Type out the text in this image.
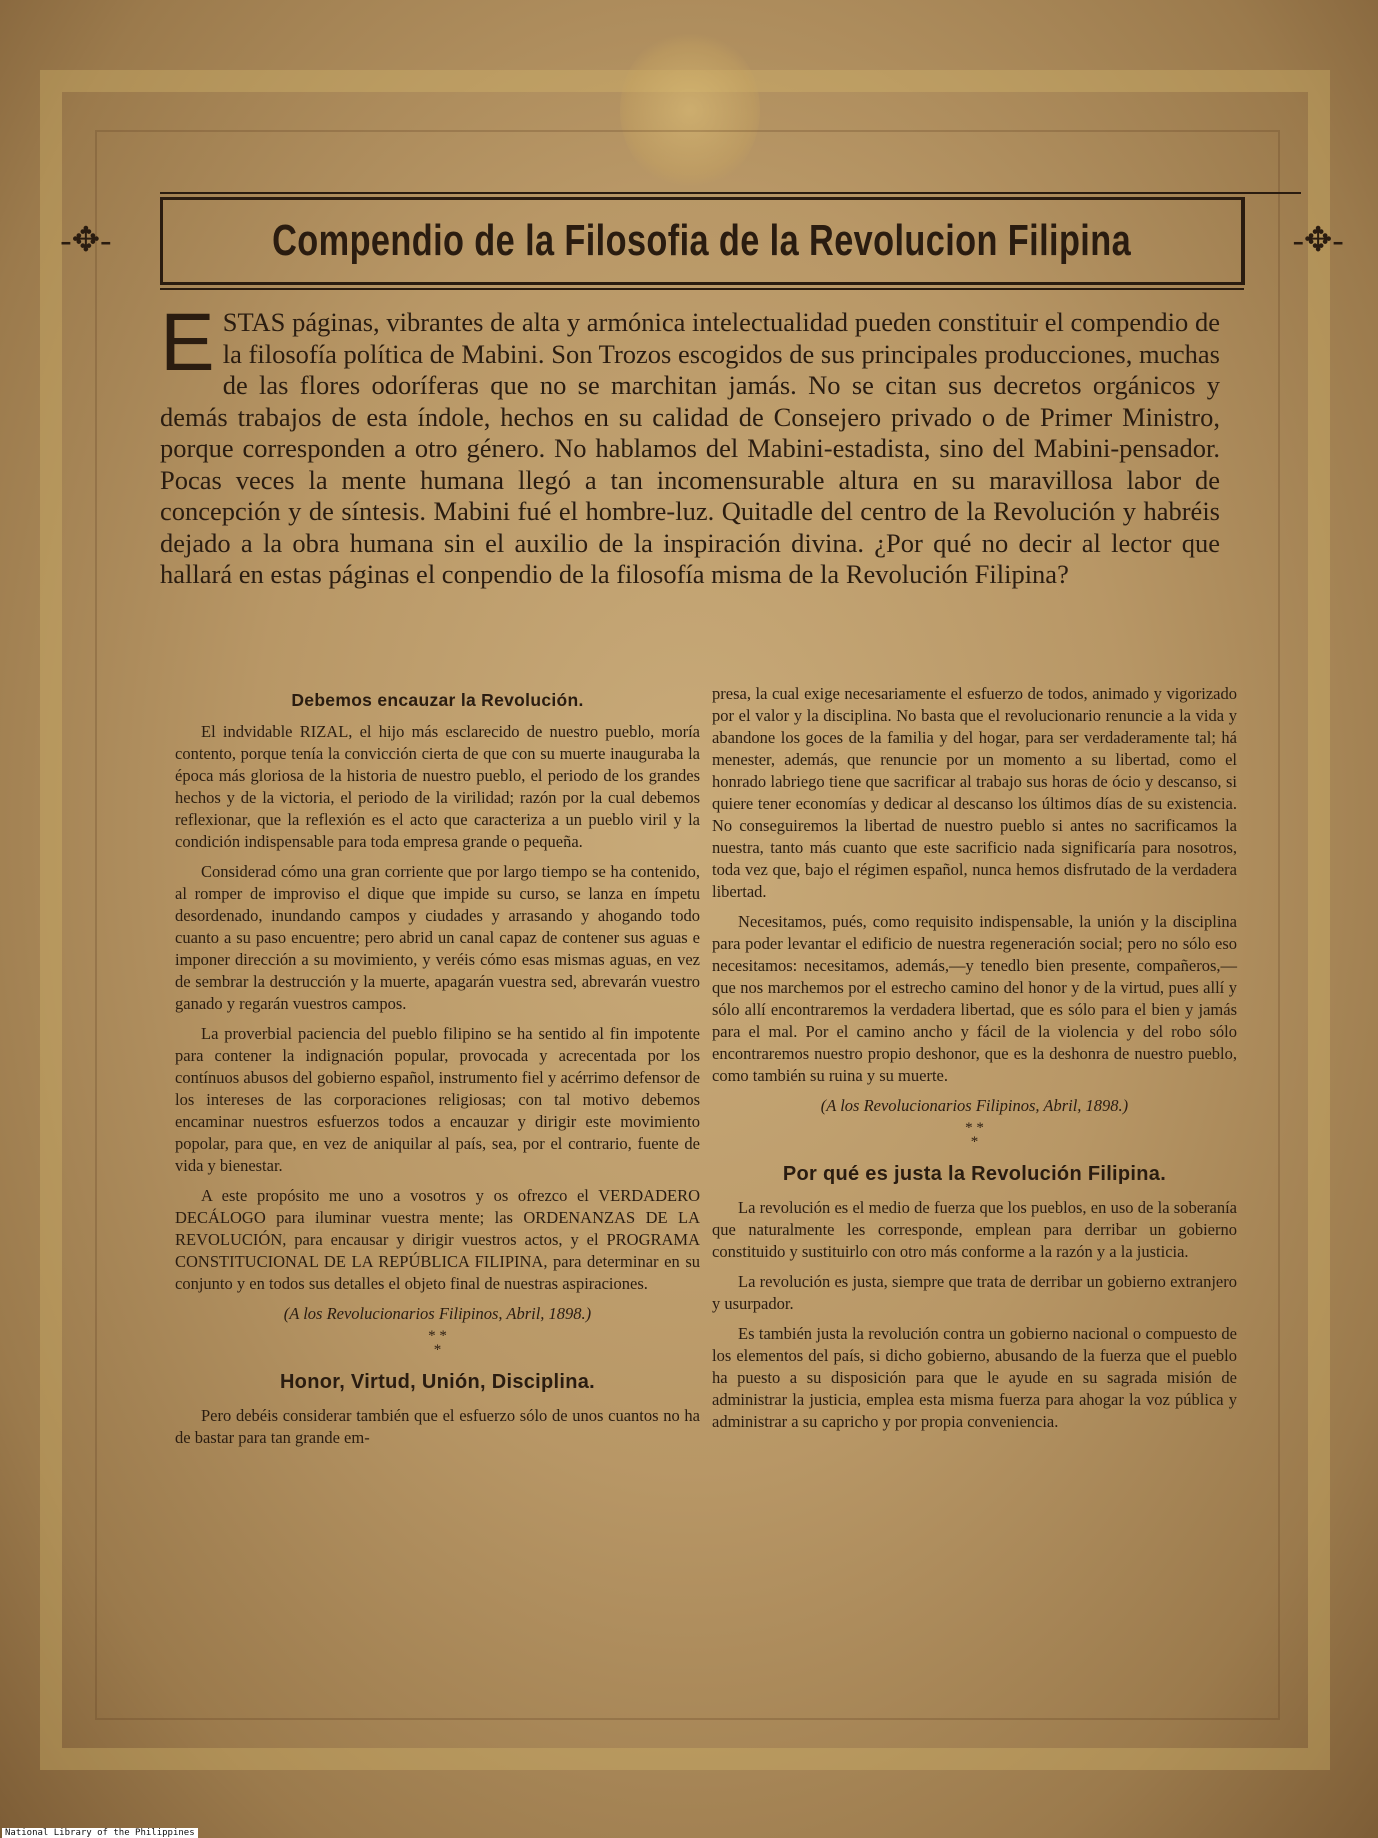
-✥-	Compendio de la Filosofia de la Revolucion Filipina	-✥-
ESTAS páginas, vibrantes de alta y armónica intelectualidad pueden constituir el compendio de la filosofía política de Mabini. Son Trozos escogidos de sus principales producciones, muchas de las flores odoríferas que no se marchitan jamás. No se citan sus decretos orgánicos y demás trabajos de esta índole, hechos en su calidad de Consejero privado o de Primer Ministro, porque corresponden a otro género. No hablamos del Mabini-estadista, sino del Mabini-pensador. Pocas veces la mente humana llegó a tan incomensurable altura en su maravillosa labor de concepción y de síntesis. Mabini fué el hombre-luz. Quitadle del centro de la Revolución y habréis dejado a la obra humana sin el auxilio de la inspiración divina. ¿Por qué no decir al lector que hallará en estas páginas el conpendio de la filosofía misma de la Revolución Filipina?
Debemos encauzar la Revolución.

El indvidable RIZAL, el hijo más esclarecido de nuestro pueblo, moría contento, porque tenía la convicción cierta de que con su muerte inauguraba la época más gloriosa de la historia de nuestro pueblo, el periodo de los grandes hechos y de la victoria, el periodo de la virilidad; razón por la cual debemos reflexionar, que la reflexión es el acto que caracteriza a un pueblo viril y la condición indispensable para toda empresa grande o pequeña.

Considerad cómo una gran corriente que por largo tiempo se ha contenido, al romper de improviso el dique que impide su curso, se lanza en ímpetu desordenado, inundando campos y ciudades y arrasando y ahogando todo cuanto a su paso encuentre; pero abrid un canal capaz de contener sus aguas e imponer dirección a su movimiento, y veréis cómo esas mismas aguas, en vez de sembrar la destrucción y la muerte, apagarán vuestra sed, abrevarán vuestro ganado y regarán vuestros campos.

La proverbial paciencia del pueblo filipino se ha sentido al fin impotente para contener la indignación popular, provocada y acrecentada por los contínuos abusos del gobierno español, instrumento fiel y acérrimo defensor de los intereses de las corporaciones religiosas; con tal motivo debemos encaminar nuestros esfuerzos todos a encauzar y dirigir este movimiento popolar, para que, en vez de aniquilar al país, sea, por el contrario, fuente de vida y bienestar.

A este propósito me uno a vosotros y os ofrezco el VERDADERO DECÁLOGO para iluminar vuestra mente; las ORDENANZAS DE LA REVOLUCIÓN, para encausar y dirigir vuestros actos, y el PROGRAMA CONSTITUCIONAL DE LA REPÚBLICA FILIPINA, para determinar en su conjunto y en todos sus detalles el objeto final de nuestras aspiraciones.

(A los Revolucionarios Filipinos, Abril, 1898.)

* *
*

Honor, Virtud, Unión, Disciplina.

Pero debéis considerar también que el esfuerzo sólo de unos cuantos no ha de bastar para tan grande em-

presa, la cual exige necesariamente el esfuerzo de todos, animado y vigorizado por el valor y la disciplina. No basta que el revolucionario renuncie a la vida y abandone los goces de la familia y del hogar, para ser verdaderamente tal; há menester, además, que renuncie por un momento a su libertad, como el honrado labriego tiene que sacrificar al trabajo sus horas de ócio y descanso, si quiere tener economías y dedicar al descanso los últimos días de su existencia. No conseguiremos la libertad de nuestro pueblo si antes no sacrificamos la nuestra, tanto más cuanto que este sacrificio nada significaría para nosotros, toda vez que, bajo el régimen español, nunca hemos disfrutado de la verdadera libertad.

Necesitamos, pués, como requisito indispensable, la unión y la disciplina para poder levantar el edificio de nuestra regeneración social; pero no sólo eso necesitamos: necesitamos, además,—y tenedlo bien presente, compañeros,—que nos marchemos por el estrecho camino del honor y de la virtud, pues allí y sólo allí encontraremos la verdadera libertad, que es sólo para el bien y jamás para el mal. Por el camino ancho y fácil de la violencia y del robo sólo encontraremos nuestro propio deshonor, que es la deshonra de nuestro pueblo, como también su ruina y su muerte.

(A los Revolucionarios Filipinos, Abril, 1898.)

* *
*

Por qué es justa la Revolución Filipina.

La revolución es el medio de fuerza que los pueblos, en uso de la soberanía que naturalmente les corresponde, emplean para derribar un gobierno constituido y sustituirlo con otro más conforme a la razón y a la justicia.

La revolución es justa, siempre que trata de derribar un gobierno extranjero y usurpador.

Es también justa la revolución contra un gobierno nacional o compuesto de los elementos del país, si dicho gobierno, abusando de la fuerza que el pueblo ha puesto a su disposición para que le ayude en su sagrada misión de administrar la justicia, emplea esta misma fuerza para ahogar la voz pública y administrar a su capricho y por propia conveniencia.

National Library of the Philippines
